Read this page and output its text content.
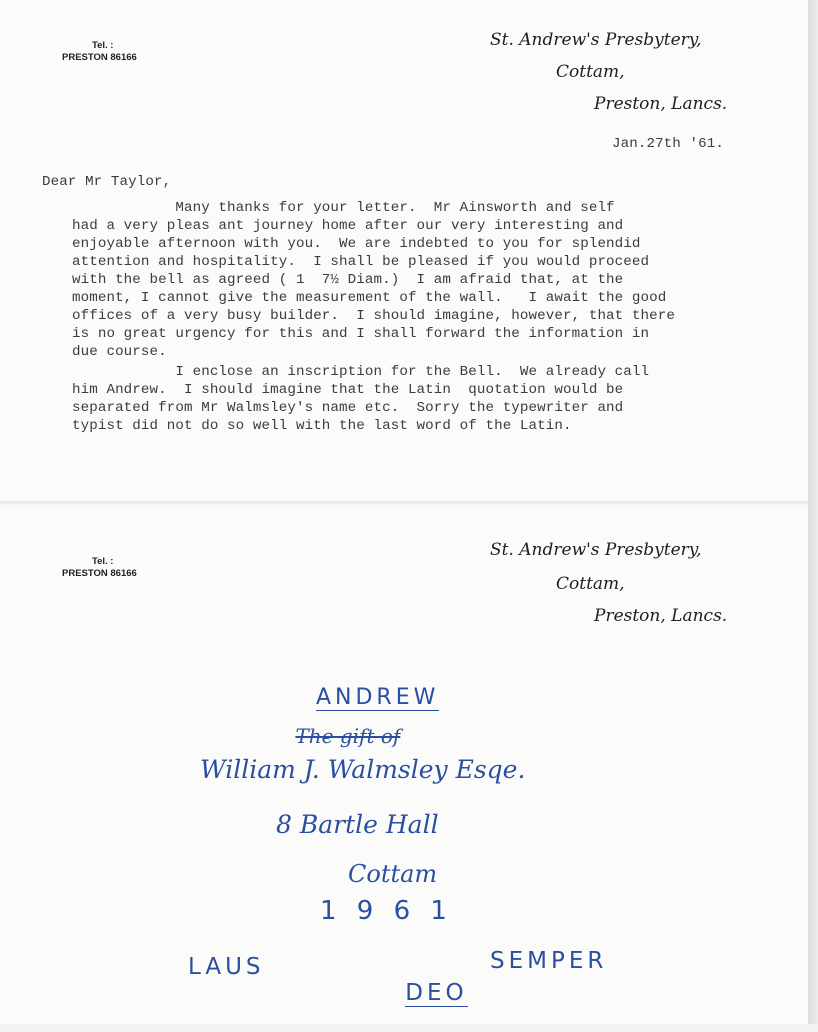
Tel. :
PRESTON 86166
St. Andrew's Presbytery,
Cottam,
Preston, Lancs.
Jan.27th '61.
Dear Mr Taylor,
Many thanks for your letter.  Mr Ainsworth and self
had a very pleas ant journey home after our very interesting and
enjoyable afternoon with you.  We are indebted to you for splendid
attention and hospitality.  I shall be pleased if you would proceed
with the bell as agreed ( 1  7½ Diam.)  I am afraid that, at the
moment, I cannot give the measurement of the wall.   I await the good
offices of a very busy builder.  I should imagine, however, that there
is no great urgency for this and I shall forward the information in
due course.
I enclose an inscription for the Bell.  We already call
him Andrew.  I should imagine that the Latin  quotation would be
separated from Mr Walmsley's name etc.  Sorry the typewriter and
typist did not do so well with the last word of the Latin.
Tel. :
PRESTON 86166
St. Andrew's Presbytery,
Cottam,
Preston, Lancs.

ANDREW

The gift of

William J. Walmsley Esqe.
8 Bartle Hall
Cottam
1 9 6 1
LAUS

DEO

SEMPER
